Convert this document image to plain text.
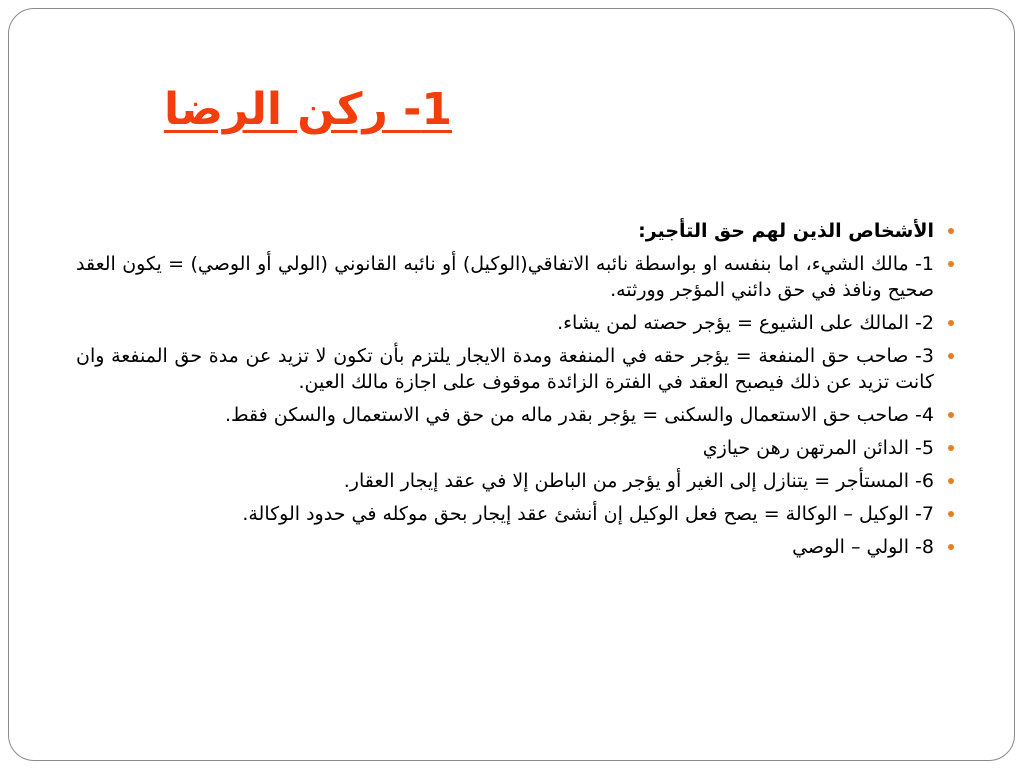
1- ركن الرضا
الأشخاص الذين لهم حق التأجير:
1- مالك الشيء، اما بنفسه او بواسطة نائبه الاتفاقي(الوكيل) أو نائبه القانوني (الولي أو الوصي) = يكون العقد صحيح ونافذ في حق دائني المؤجر وورثته.
2- المالك على الشيوع = يؤجر حصته لمن يشاء.
3- صاحب حق المنفعة = يؤجر حقه في المنفعة ومدة الايجار يلتزم بأن تكون لا تزيد عن مدة حق المنفعة وان كانت تزيد عن ذلك فيصبح العقد في الفترة الزائدة موقوف على اجازة مالك العين.
4- صاحب حق الاستعمال والسكنى = يؤجر بقدر ماله من حق في الاستعمال والسكن فقط.
5- الدائن المرتهن رهن حيازي
6- المستأجر = يتنازل إلى الغير أو يؤجر من الباطن إلا في عقد إيجار العقار.
7- الوكيل – الوكالة = يصح فعل الوكيل إن أنشئ عقد إيجار بحق موكله في حدود الوكالة.
8- الولي – الوصي
